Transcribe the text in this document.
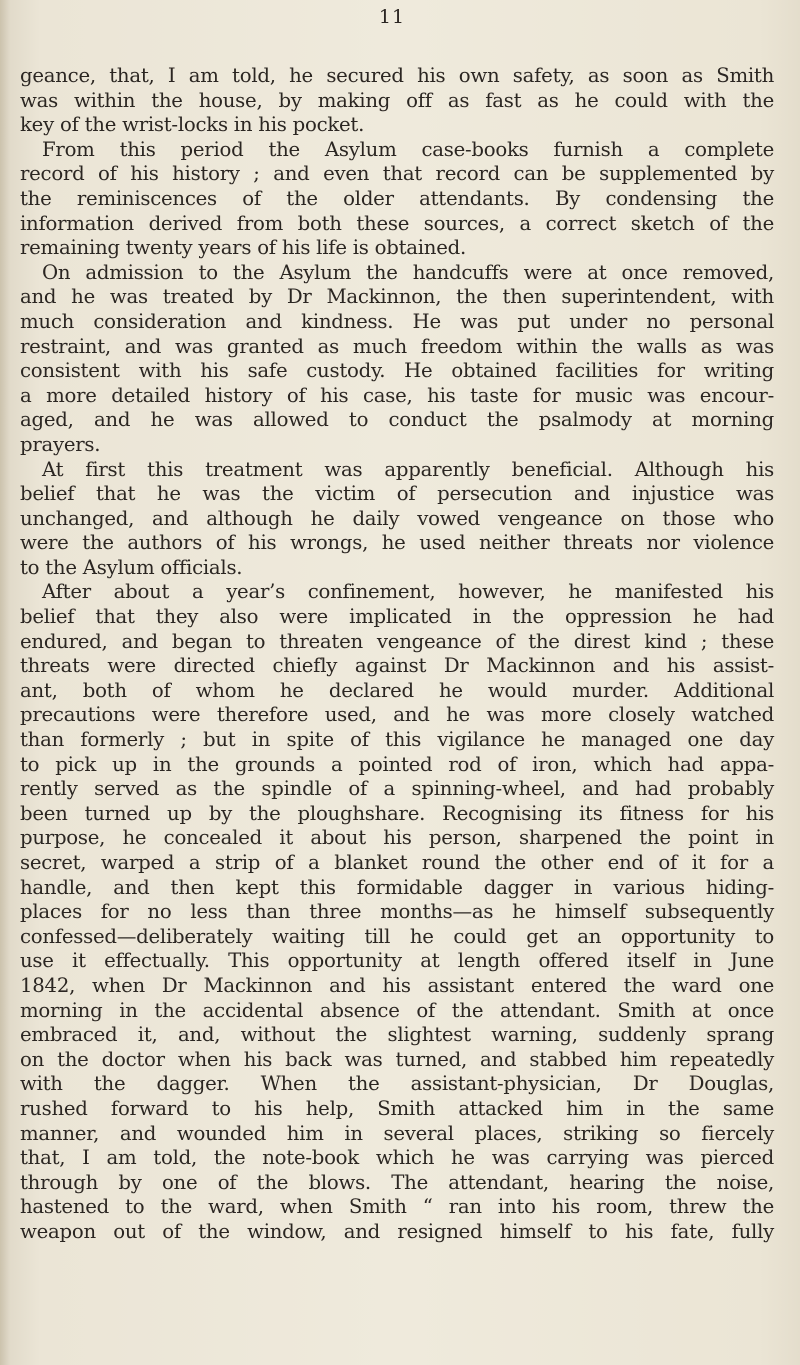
11
geance, that, I am told, he secured his own safety, as soon as Smith
was within the house, by making off as fast as he could with the
key of the wrist-locks in his pocket.
From this period the Asylum case-books furnish a complete
record of his history ; and even that record can be supplemented by
the reminiscences of the older attendants. By condensing the
information derived from both these sources, a correct sketch of the
remaining twenty years of his life is obtained.
On admission to the Asylum the handcuffs were at once removed,
and he was treated by Dr Mackinnon, the then superintendent, with
much consideration and kindness. He was put under no personal
restraint, and was granted as much freedom within the walls as was
consistent with his safe custody. He obtained facilities for writing
a more detailed history of his case, his taste for music was encour-
aged, and he was allowed to conduct the psalmody at morning
prayers.
At first this treatment was apparently beneficial. Although his
belief that he was the victim of persecution and injustice was
unchanged, and although he daily vowed vengeance on those who
were the authors of his wrongs, he used neither threats nor violence
to the Asylum officials.
After about a year’s confinement, however, he manifested his
belief that they also were implicated in the oppression he had
endured, and began to threaten vengeance of the direst kind ; these
threats were directed chiefly against Dr Mackinnon and his assist-
ant, both of whom he declared he would murder. Additional
precautions were therefore used, and he was more closely watched
than formerly ; but in spite of this vigilance he managed one day
to pick up in the grounds a pointed rod of iron, which had appa-
rently served as the spindle of a spinning-wheel, and had probably
been turned up by the ploughshare. Recognising its fitness for his
purpose, he concealed it about his person, sharpened the point in
secret, warped a strip of a blanket round the other end of it for a
handle, and then kept this formidable dagger in various hiding-
places for no less than three months—as he himself subsequently
confessed—deliberately waiting till he could get an opportunity to
use it effectually. This opportunity at length offered itself in June
1842, when Dr Mackinnon and his assistant entered the ward one
morning in the accidental absence of the attendant. Smith at once
embraced it, and, without the slightest warning, suddenly sprang
on the doctor when his back was turned, and stabbed him repeatedly
with the dagger. When the assistant-physician, Dr Douglas,
rushed forward to his help, Smith attacked him in the same
manner, and wounded him in several places, striking so fiercely
that, I am told, the note-book which he was carrying was pierced
through by one of the blows. The attendant, hearing the noise,
hastened to the ward, when Smith “ ran into his room, threw the
weapon out of the window, and resigned himself to his fate, fully
